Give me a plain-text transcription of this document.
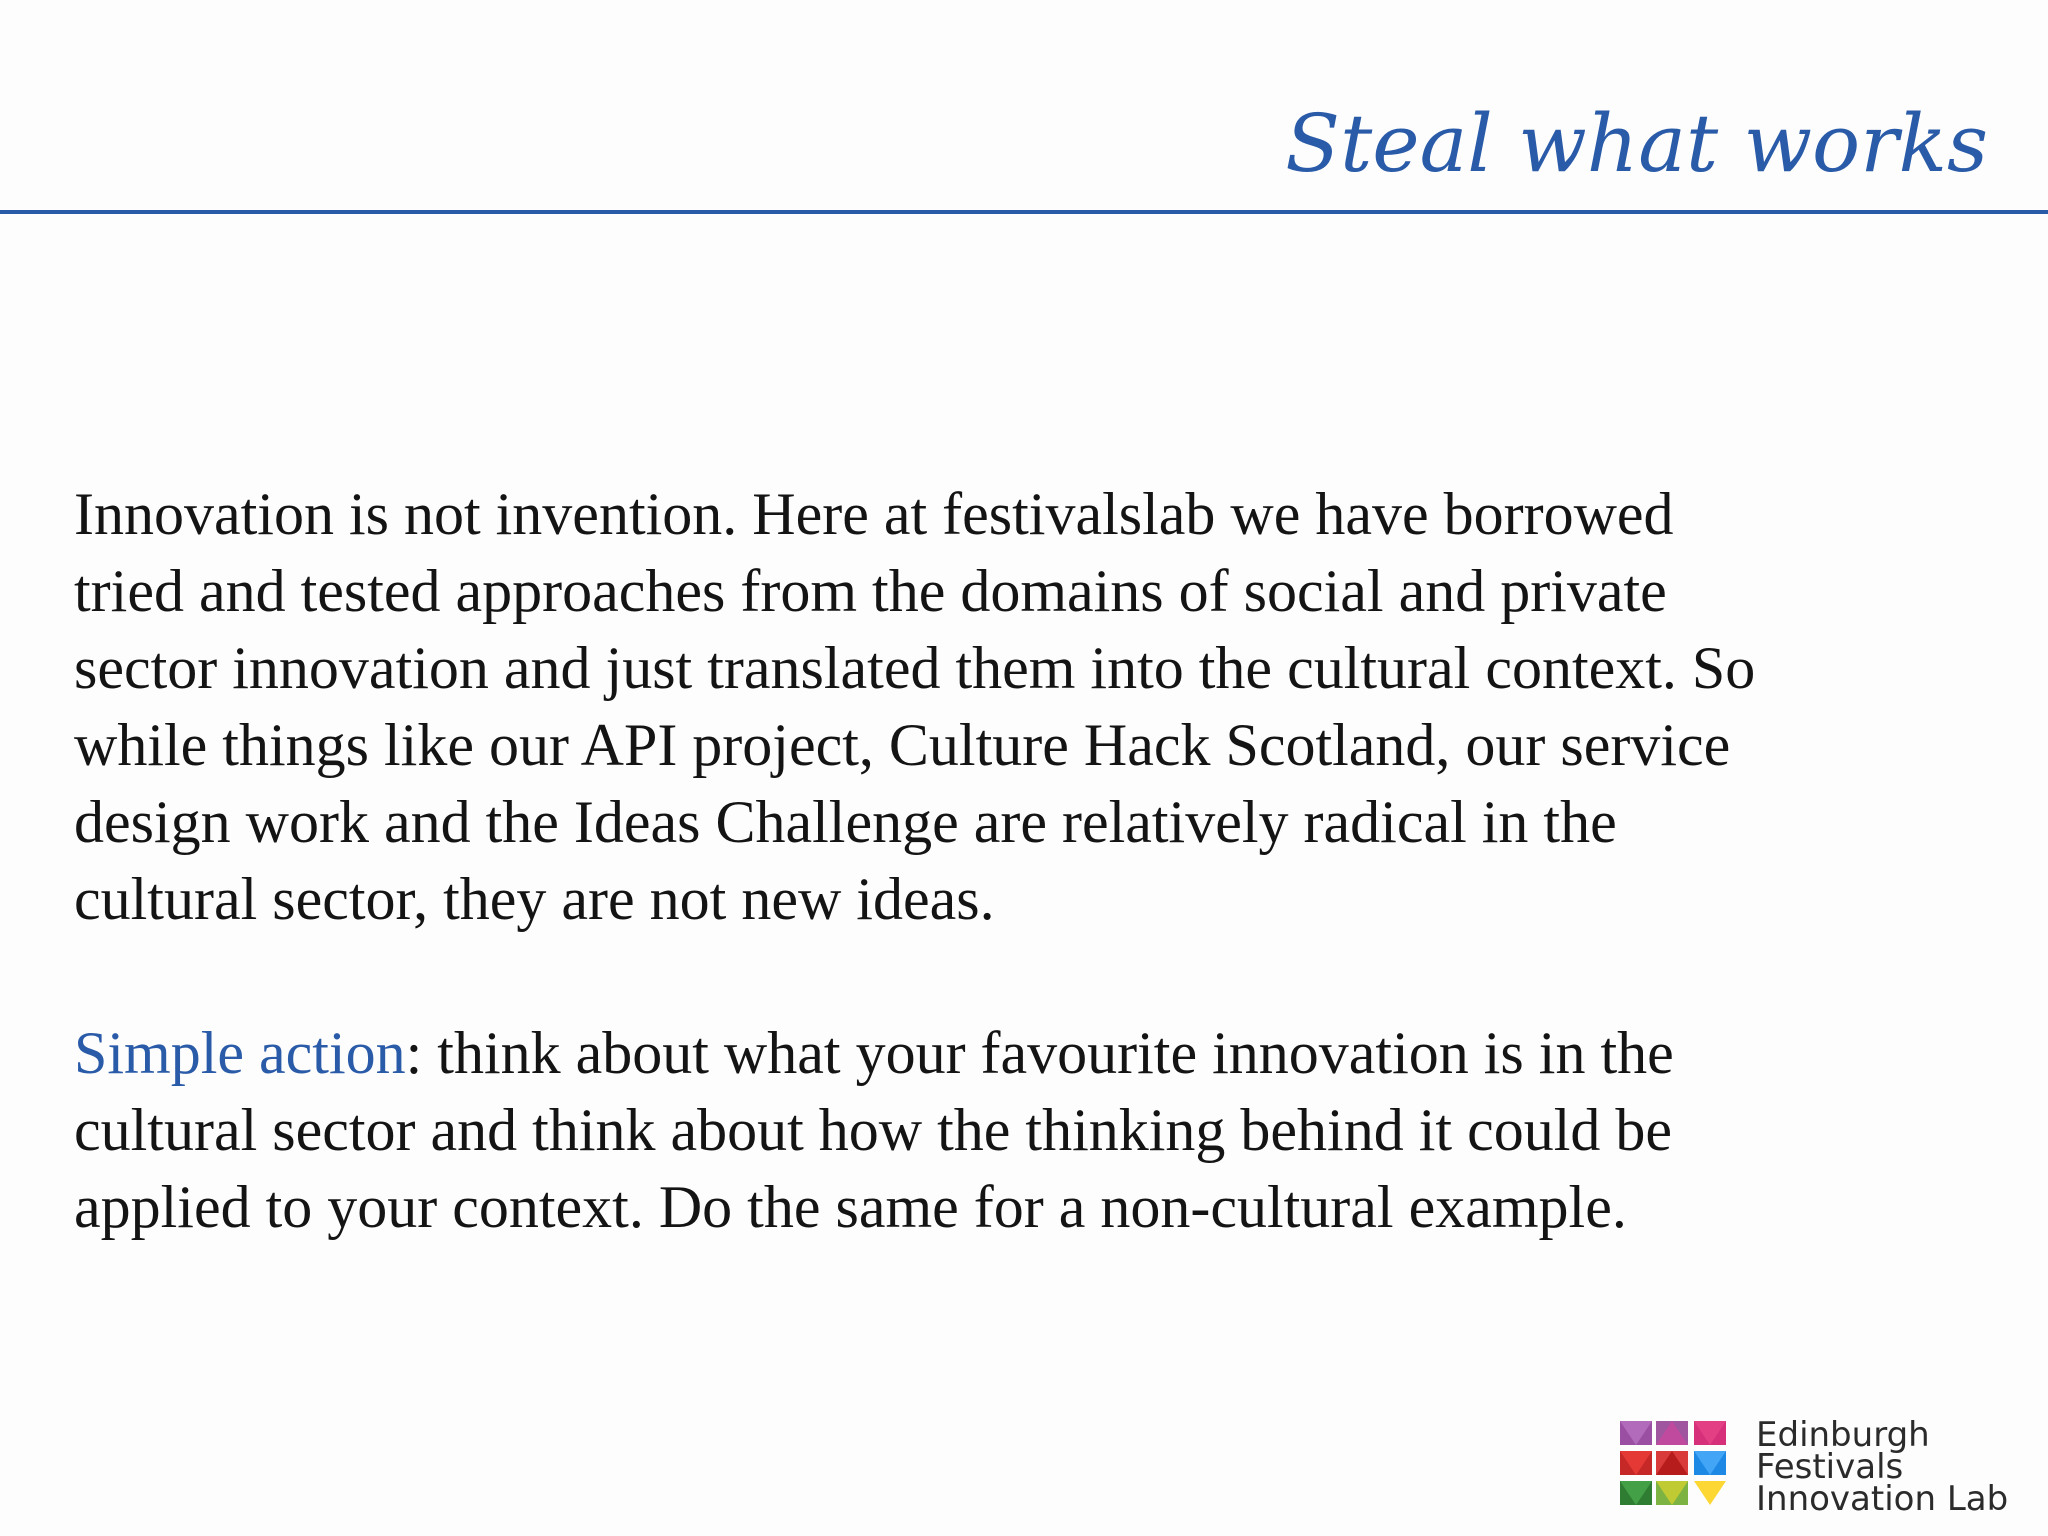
Steal what works

Innovation is not invention. Here at festivalslab we have borrowed
tried and tested approaches from the domains of social and private
sector innovation and just translated them into the cultural context. So
while things like our API project, Culture Hack Scotland, our service
design work and the Ideas Challenge are relatively radical in the
cultural sector, they are not new ideas.

Simple action: think about what your favourite innovation is in the
cultural sector and think about how the thinking behind it could be
applied to your context. Do the same for a non-cultural example.

Edinburgh
Festivals
Innovation Lab
